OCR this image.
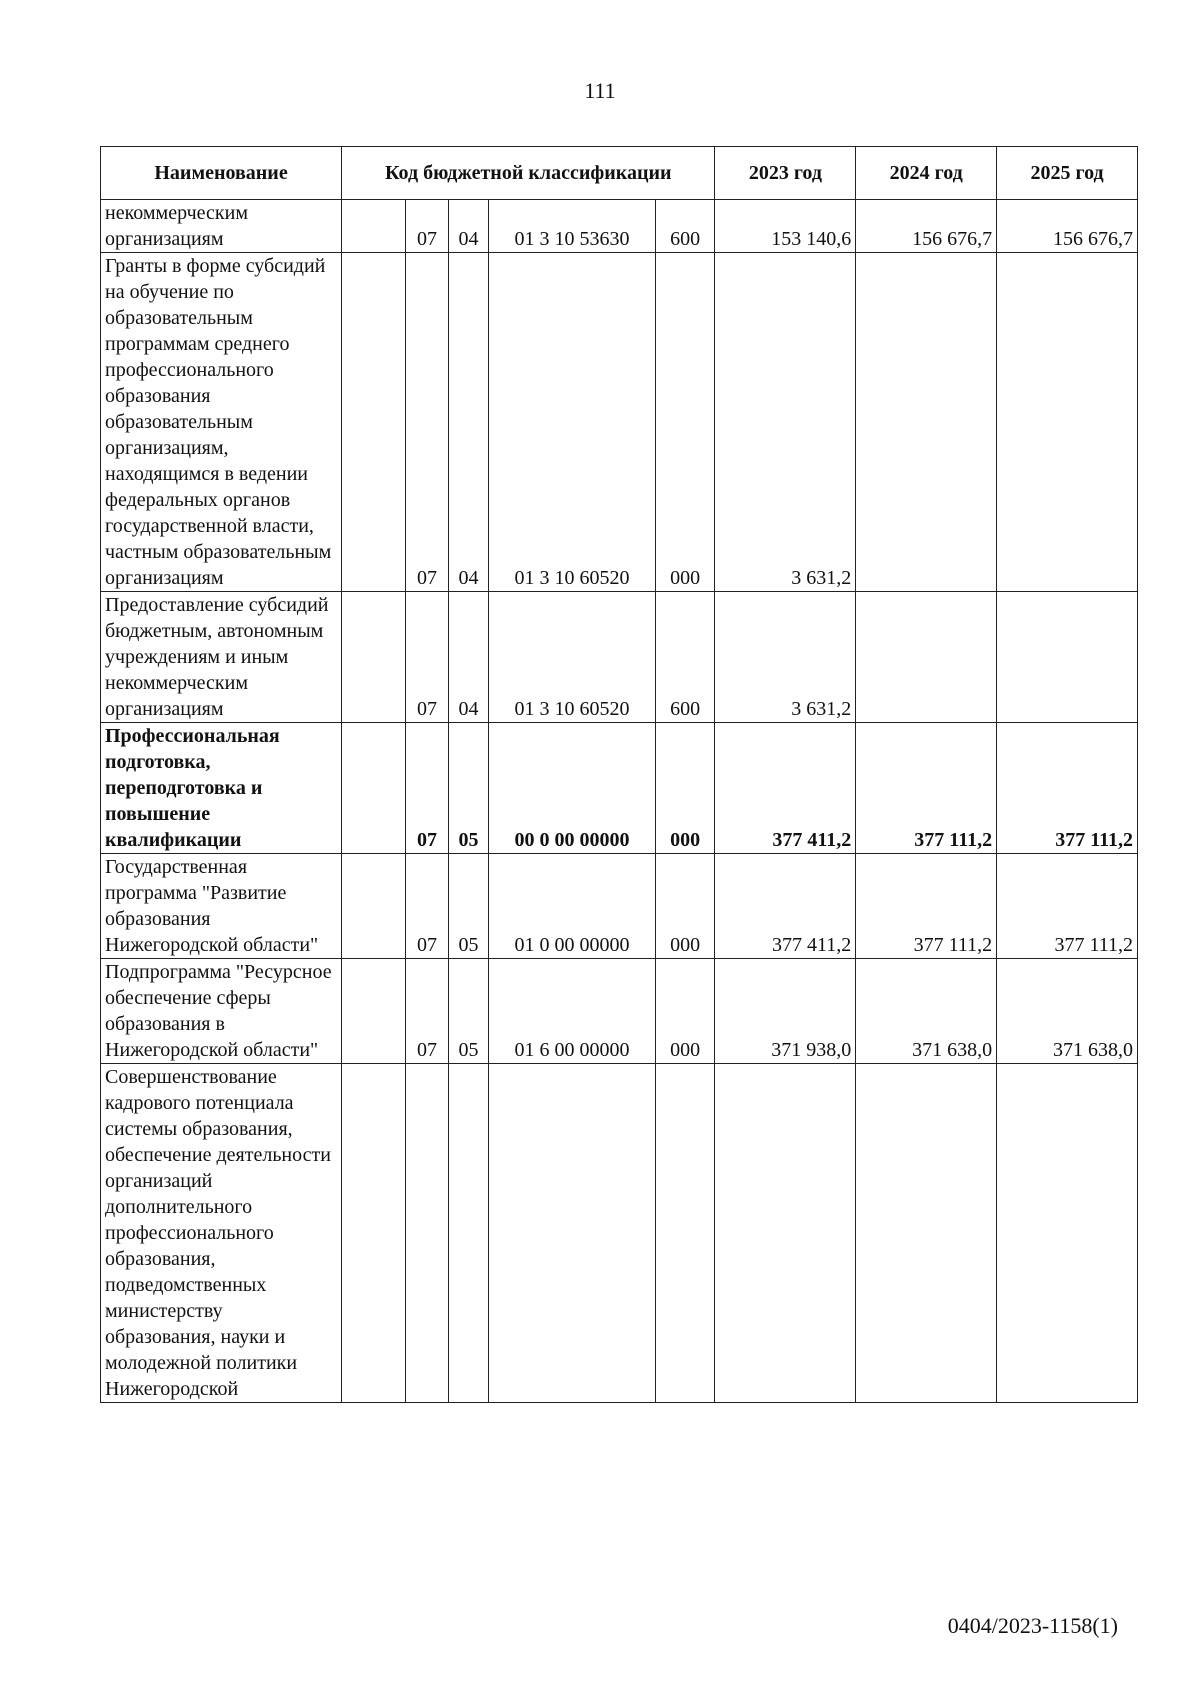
111
Наименование	Код бюджетной классификации					2023 год	2024 год	2025 год
некоммерческим организациям		07	04	01 3 10 53630	600	153 140,6	156 676,7	156 676,7
Гранты в форме субсидий на обучение по образовательным программам среднего профессионального образования образовательным организациям, находящимся в ведении федеральных органов государственной власти, частным образовательным организациям		07	04	01 3 10 60520	000	3 631,2		
Предоставление субсидий бюджетным, автономным учреждениям и иным некоммерческим организациям		07	04	01 3 10 60520	600	3 631,2		
Профессиональная подготовка, переподготовка и повышение квалификации		07	05	00 0 00 00000	000	377 411,2	377 111,2	377 111,2
Государственная программа "Развитие образования Нижегородской области"		07	05	01 0 00 00000	000	377 411,2	377 111,2	377 111,2
Подпрограмма "Ресурсное обеспечение сферы образования в Нижегородской области"		07	05	01 6 00 00000	000	371 938,0	371 638,0	371 638,0
Совершенствование кадрового потенциала системы образования, обеспечение деятельности организаций дополнительного профессионального образования, подведомственных министерству образования, науки и молодежной политики Нижегородской								
0404/2023-1158(1)
